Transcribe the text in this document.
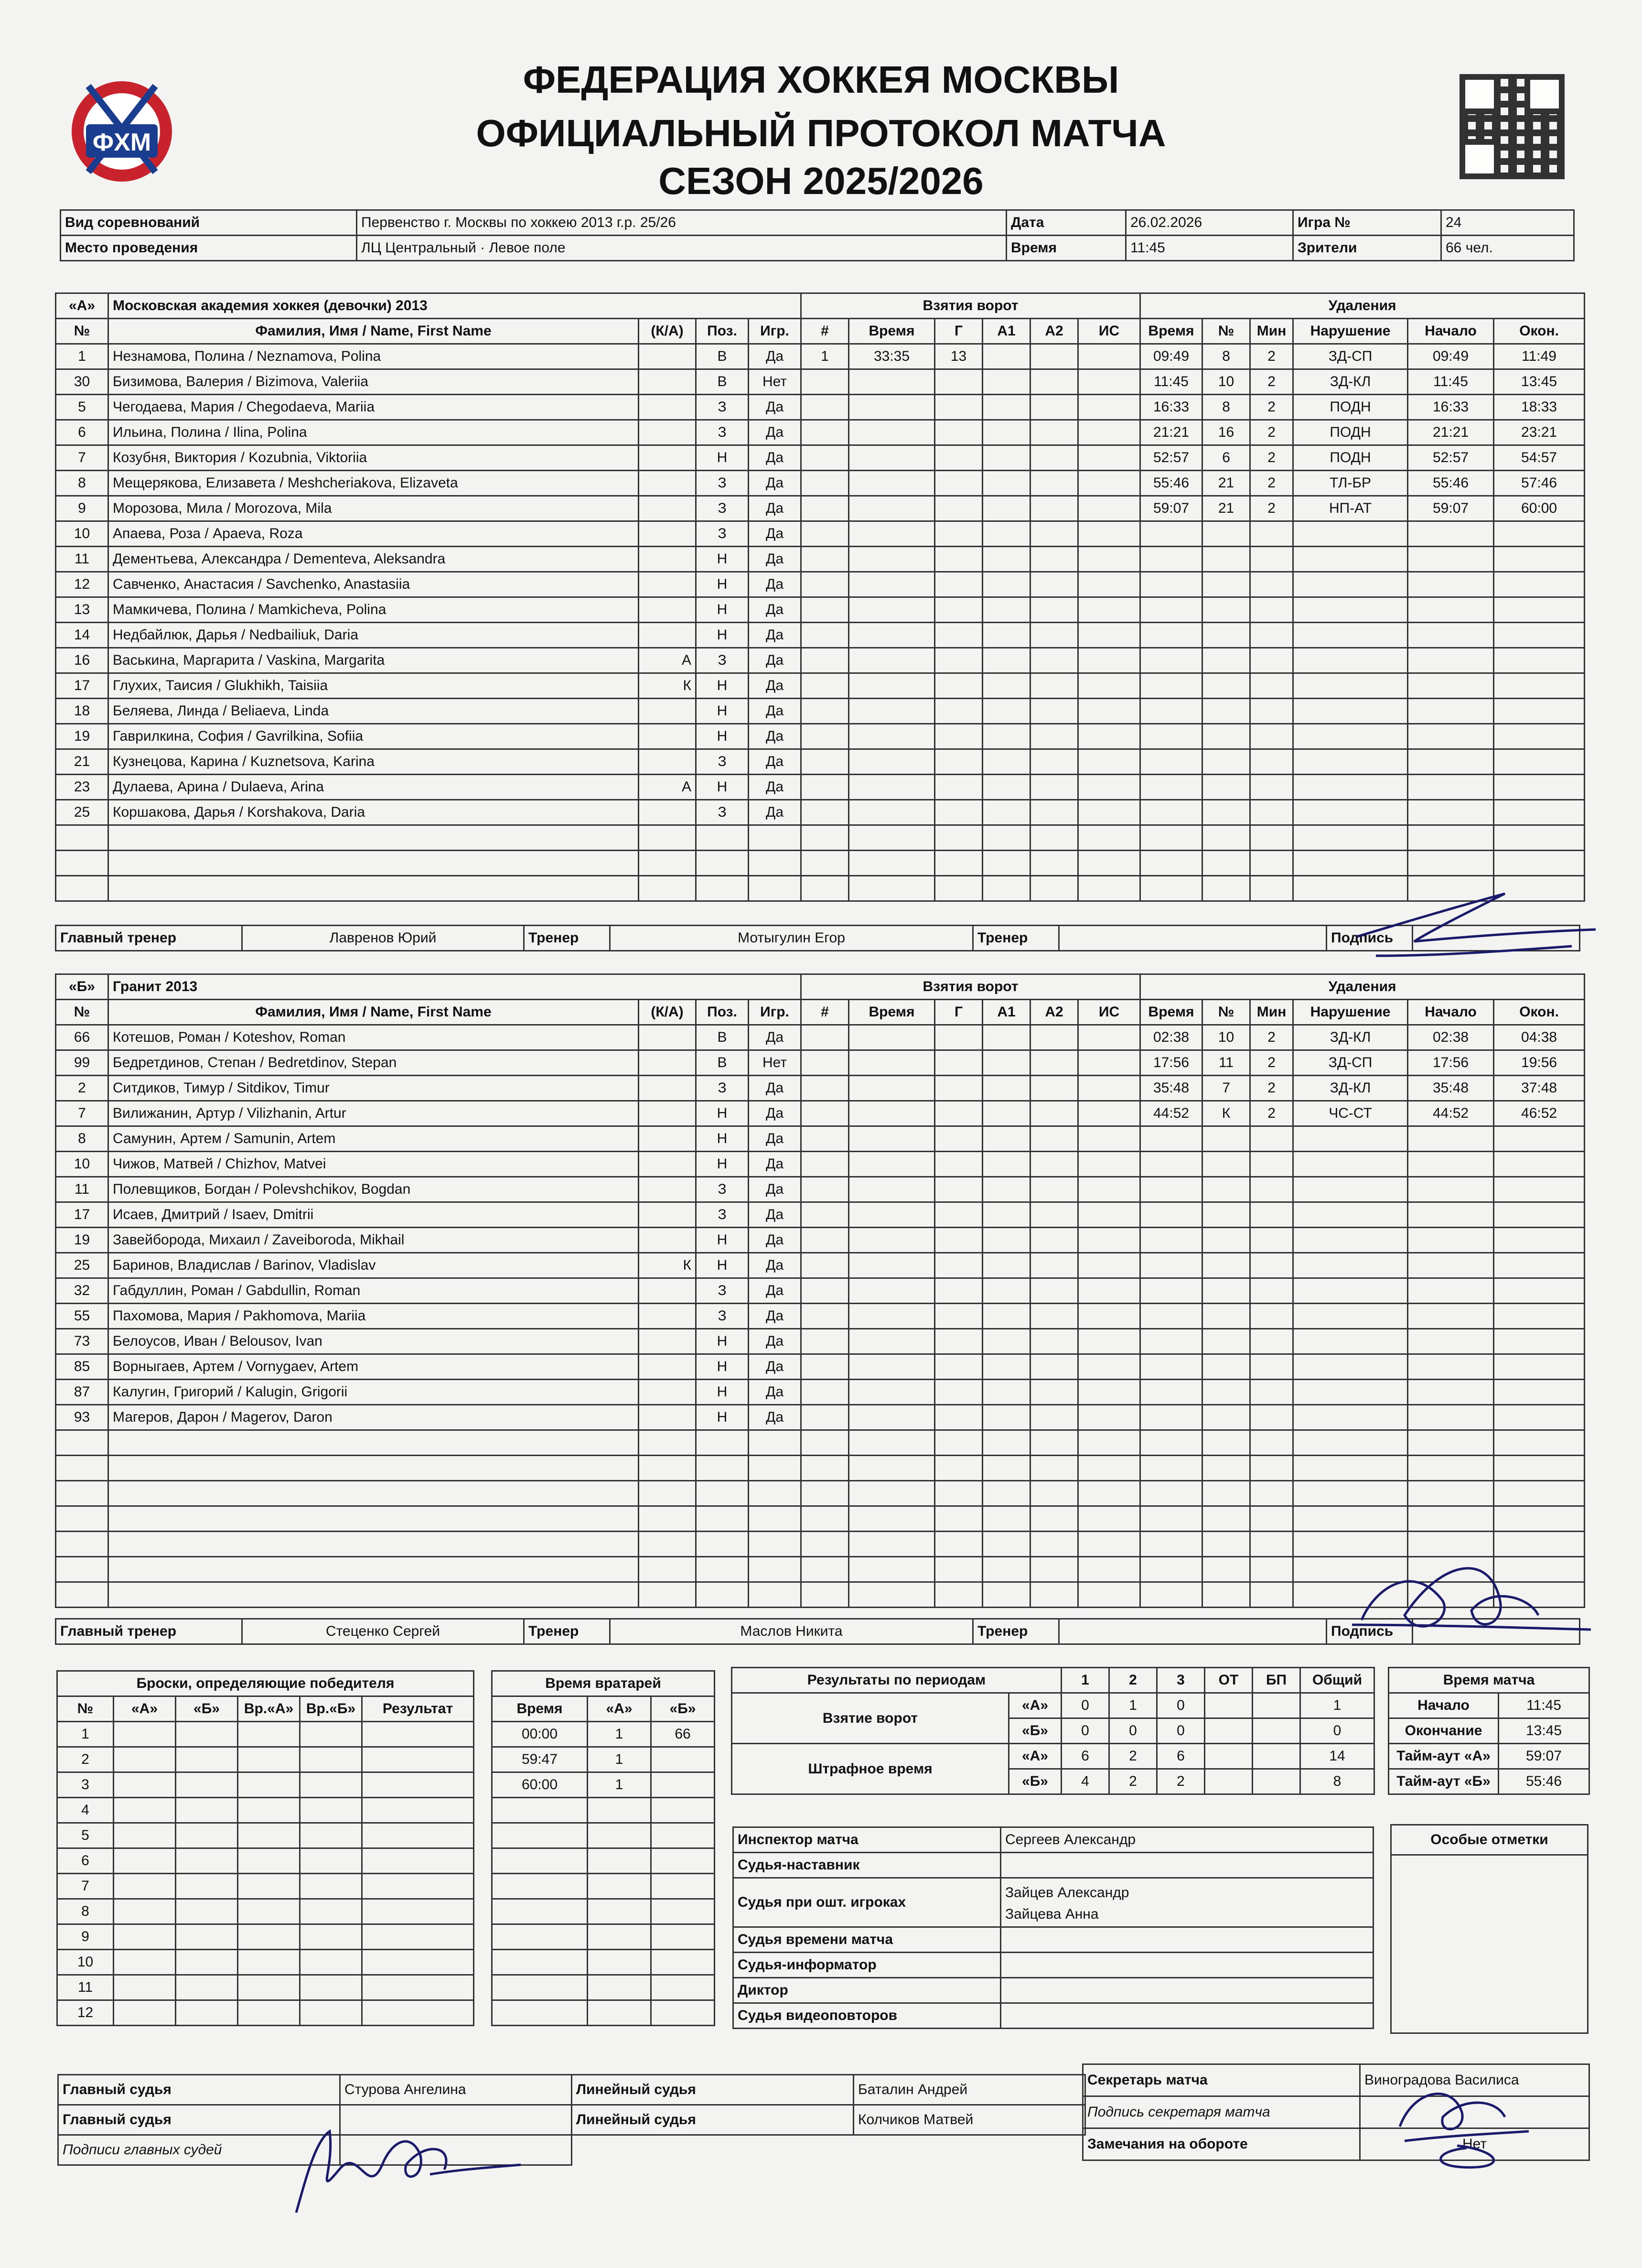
ФХМ
ФЕДЕРАЦИЯ ХОККЕЯ МОСКВЫ
ОФИЦИАЛЬНЫЙ ПРОТОКОЛ МАТЧА
СЕЗОН 2025/2026
Вид соревнований	Первенство г. Москвы по хоккею 2013 г.р. 25/26	Дата	26.02.2026	Игра №	24
Место проведения	ЛЦ Центральный · Левое поле	Время	11:45	Зрители	66 чел.
«А»	Московская академия хоккея (девочки) 2013				Взятия ворот						Удаления					
№	Фамилия, Имя / Name, First Name	(К/А)	Поз.	Игр.	#	Время	Г	А1	А2	ИС	Время	№	Мин	Нарушение	Начало	Окон.
1	Незнамова, Полина / Neznamova, Polina		В	Да	1	33:35	13				09:49	8	2	ЗД-СП	09:49	11:49
30	Бизимова, Валерия / Bizimova, Valeriia		В	Нет							11:45	10	2	ЗД-КЛ	11:45	13:45
5	Чегодаева, Мария / Chegodaeva, Mariia		З	Да							16:33	8	2	ПОДН	16:33	18:33
6	Ильина, Полина / Ilina, Polina		З	Да							21:21	16	2	ПОДН	21:21	23:21
7	Козубня, Виктория / Kozubnia, Viktoriia		Н	Да							52:57	6	2	ПОДН	52:57	54:57
8	Мещерякова, Елизавета / Meshcheriakova, Elizaveta		З	Да							55:46	21	2	ТЛ-БР	55:46	57:46
9	Морозова, Мила / Morozova, Mila		З	Да							59:07	21	2	НП-АТ	59:07	60:00
10	Апаева, Роза / Apaeva, Roza		З	Да												
11	Дементьева, Александра / Dementeva, Aleksandra		Н	Да												
12	Савченко, Анастасия / Savchenko, Anastasiia		Н	Да												
13	Мамкичева, Полина / Mamkicheva, Polina		Н	Да												
14	Недбайлюк, Дарья / Nedbailiuk, Daria		Н	Да												
16	Васькина, Маргарита / Vaskina, Margarita	А	З	Да												
17	Глухих, Таисия / Glukhikh, Taisiia	К	Н	Да												
18	Беляева, Линда / Beliaeva, Linda		Н	Да												
19	Гаврилкина, София / Gavrilkina, Sofiia		Н	Да												
21	Кузнецова, Карина / Kuznetsova, Karina		З	Да												
23	Дулаева, Арина / Dulaeva, Arina	А	Н	Да												
25	Коршакова, Дарья / Korshakova, Daria		З	Да												

Главный тренер	Лавренов Юрий	Тренер	Мотыгулин Егор	Тренер		Подпись	
«Б»	Гранит 2013				Взятия ворот						Удаления					
№	Фамилия, Имя / Name, First Name	(К/А)	Поз.	Игр.	#	Время	Г	А1	А2	ИС	Время	№	Мин	Нарушение	Начало	Окон.
66	Котешов, Роман / Koteshov, Roman		В	Да							02:38	10	2	ЗД-КЛ	02:38	04:38
99	Бедретдинов, Степан / Bedretdinov, Stepan		В	Нет							17:56	11	2	ЗД-СП	17:56	19:56
2	Ситдиков, Тимур / Sitdikov, Timur		З	Да							35:48	7	2	ЗД-КЛ	35:48	37:48
7	Вилижанин, Артур / Vilizhanin, Artur		Н	Да							44:52	К	2	ЧС-СТ	44:52	46:52
8	Самунин, Артем / Samunin, Artem		Н	Да												
10	Чижов, Матвей / Chizhov, Matvei		Н	Да												
11	Полевщиков, Богдан / Polevshchikov, Bogdan		З	Да												
17	Исаев, Дмитрий / Isaev, Dmitrii		З	Да												
19	Завейборода, Михаил / Zaveiboroda, Mikhail		Н	Да												
25	Баринов, Владислав / Barinov, Vladislav	К	Н	Да												
32	Габдуллин, Роман / Gabdullin, Roman		З	Да												
55	Пахомова, Мария / Pakhomova, Mariia		З	Да												
73	Белоусов, Иван / Belousov, Ivan		Н	Да												
85	Ворныгаев, Артем / Vornygaev, Artem		Н	Да												
87	Калугин, Григорий / Kalugin, Grigorii		Н	Да												
93	Магеров, Дарон / Magerov, Daron		Н	Да												

Главный тренер	Стеценко Сергей	Тренер	Маслов Никита	Тренер		Подпись	
Броски, определяющие победителя					
№	«А»	«Б»	Вр.«А»	Вр.«Б»	Результат
1					
2					
3					
4					
5					
6					
7					
8					
9					
10					
11					
12					
Время вратарей		
Время	«А»	«Б»
00:00	1	66
59:47	1	
60:00	1	

Результаты по периодам		1	2	3	ОТ	БП	Общий
Взятие ворот	«А»	0	1	0			1
	«Б»	0	0	0			0
Штрафное время	«А»	6	2	6			14
	«Б»	4	2	2			8
Время матча	
Начало	11:45
Окончание	13:45
Тайм-аут «А»	59:07
Тайм-аут «Б»	55:46
Инспектор матча	Сергеев Александр
Судья-наставник	
Судья при ошт. игроках	Зайцев Александр
Зайцева Анна

Судья времени матча	
Судья-информатор	
Диктор	
Судья видеоповторов	
Особые отметки

Главный судья	Стурова Ангелина
Главный судья	
Подписи главных судей	
Линейный судья	Баталин Андрей
Линейный судья	Колчиков Матвей
Секретарь матча	Виноградова Василиса
Подпись секретаря матча	
Замечания на обороте	Нет
